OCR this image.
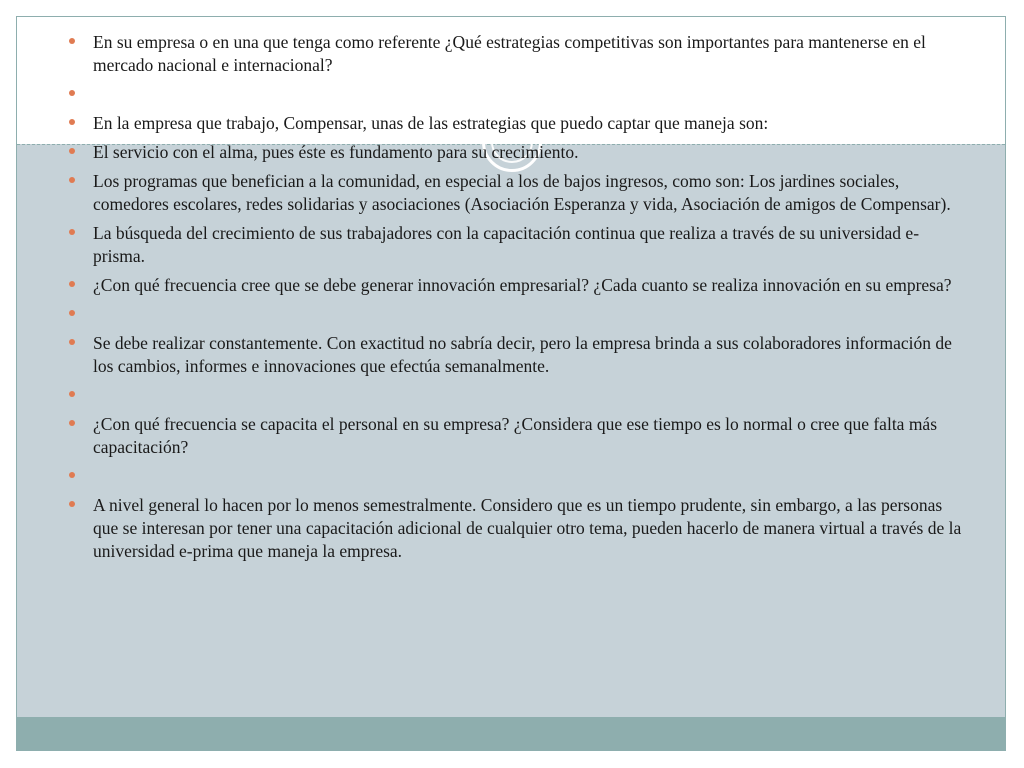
En su empresa o en una que tenga como referente ¿Qué estrategias competitivas son importantes para mantenerse en el mercado nacional e internacional?
En la empresa que trabajo, Compensar, unas de las estrategias que puedo captar que maneja son:
El servicio con el alma, pues éste es fundamento para su crecimiento.
Los programas que benefician a la comunidad, en especial a los de bajos ingresos, como son: Los jardines sociales, comedores escolares, redes solidarias y asociaciones (Asociación Esperanza y vida, Asociación de amigos de Compensar).
La búsqueda del crecimiento de sus trabajadores con la capacitación continua que realiza a través de su universidad e-prisma.
¿Con qué frecuencia cree que se debe generar innovación empresarial? ¿Cada cuanto se realiza innovación en su empresa?
Se debe realizar constantemente. Con exactitud no sabría decir, pero la empresa brinda a sus colaboradores información de los cambios, informes e innovaciones que efectúa semanalmente.
¿Con qué frecuencia se capacita el personal en su empresa? ¿Considera que ese tiempo es lo normal o cree que falta más capacitación?
A nivel general lo hacen por lo menos semestralmente. Considero que es un tiempo prudente, sin embargo, a las personas que se interesan por tener una capacitación adicional de cualquier otro tema, pueden hacerlo de manera virtual a través de la universidad e-prima que maneja la empresa.
